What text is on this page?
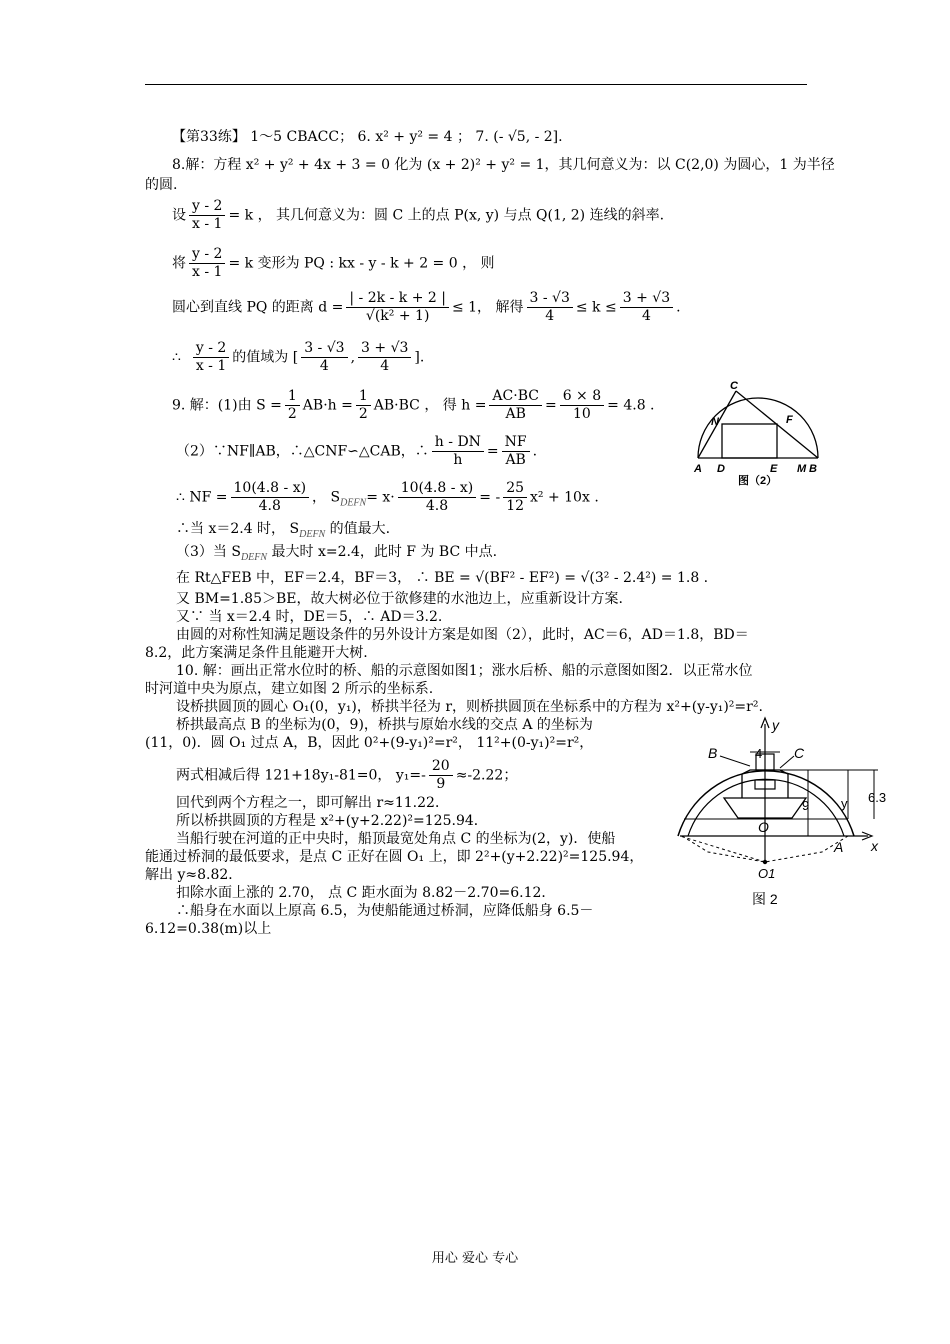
【第33练】 1～5 CBACC； 6. x² + y² = 4 ； 7. (- √5, - 2].
8.解：方程 x² + y² + 4x + 3 = 0 化为 (x + 2)² + y² = 1，其几何意义为：以 C(2,0) 为圆心，1 为半径
的圆.
设 $\frac{y - 2}{x - 1} = k$ ， 其几何意义为：圆 C 上的点 P(x, y) 与点 Q(1, 2) 连线的斜率.
将 $\frac{y - 2}{x - 1} = k$ 变形为 PQ : kx - y - k + 2 = 0 ， 则
圆心到直线 PQ 的距离 $d = \frac{| - 2k - k + 2 |}{\text{√(k² + 1)}} \le 1$， 解得 $\frac{3 - √3}{4} \le k \le \frac{3 + √3}{4}$ .
∴ $\frac{y - 2}{x - 1}$ 的值域为 [ $\frac{3 - √3}{4}$ , $\frac{3 + √3}{4}$ ].
9. 解：(1)由 $S = \frac{1}{2} AB\cdot h = \frac{1}{2} AB\cdot BC$ ， 得 $h = \frac{AC\cdot BC}{AB} = \frac{6 \times 8}{10} = 4.8$ .
（2）∵NF∥AB，∴△CNF∽△CAB，∴ $\frac{h - DN}{h} = \frac{NF}{AB}$ .
∴ NF = $\frac{10(4.8 - x)}{4.8}$ ， $S_{DEFN}= x\cdot \frac{10(4.8 - x)}{4.8}$ = - $\frac{25}{12} x^2 + 10x$ .
∴当 x＝2.4 时， $S_{DEFN}$ 的值最大.
（3）当 $S_{DEFN}$ 最大时 x=2.4，此时 F 为 BC 中点.
在 Rt△FEB 中，EF＝2.4，BF＝3， ∴ BE = √(BF² - EF²) = √(3² - 2.4²) = 1.8 .
又 BM=1.85＞BE，故大树必位于欲修建的水池边上，应重新设计方案.
又∵ 当 x＝2.4 时，DE＝5，∴ AD＝3.2.
由圆的对称性知满足题设条件的另外设计方案是如图（2），此时，AC＝6，AD＝1.8，BD＝
8.2，此方案满足条件且能避开大树.
10. 解：画出正常水位时的桥、船的示意图如图1；涨水后桥、船的示意图如图2．以正常水位
时河道中央为原点，建立如图 2 所示的坐标系.
设桥拱圆顶的圆心 O₁(0，y₁)，桥拱半径为 r，则桥拱圆顶在坐标系中的方程为 x²+(y-y₁)²=r².
桥拱最高点 B 的坐标为(0，9)，桥拱与原始水线的交点 A 的坐标为
(11，0)．圆 O₁ 过点 A，B，因此 0²+(9-y₁)²=r²， 11²+(0-y₁)²=r²，
两式相减后得 121+18y₁-81=0， $y_1=- \frac{20}{9} \approx-2.22$；
回代到两个方程之一，即可解出 r≈11.22．
所以桥拱圆顶的方程是 x²+(y+2.22)²=125.94．
当船行驶在河道的正中央时，船顶最宽处角点 C 的坐标为(2，y)．使船
能通过桥洞的最低要求，是点 C 正好在圆 O₁ 上，即 2²+(y+2.22)²=125.94，
解出 y≈8.82．
扣除水面上涨的 2.70， 点 C 距水面为 8.82－2.70=6.12．
∴船身在水面以上原高 6.5，为使船能通过桥洞，应降低船身 6.5－
6.12=0.38(m)以上
C
N	F
A D	E M B
图（2）
y
x
4
B	C
9 y 6.3
O
A
O1
图 2
用心 爱心 专心
